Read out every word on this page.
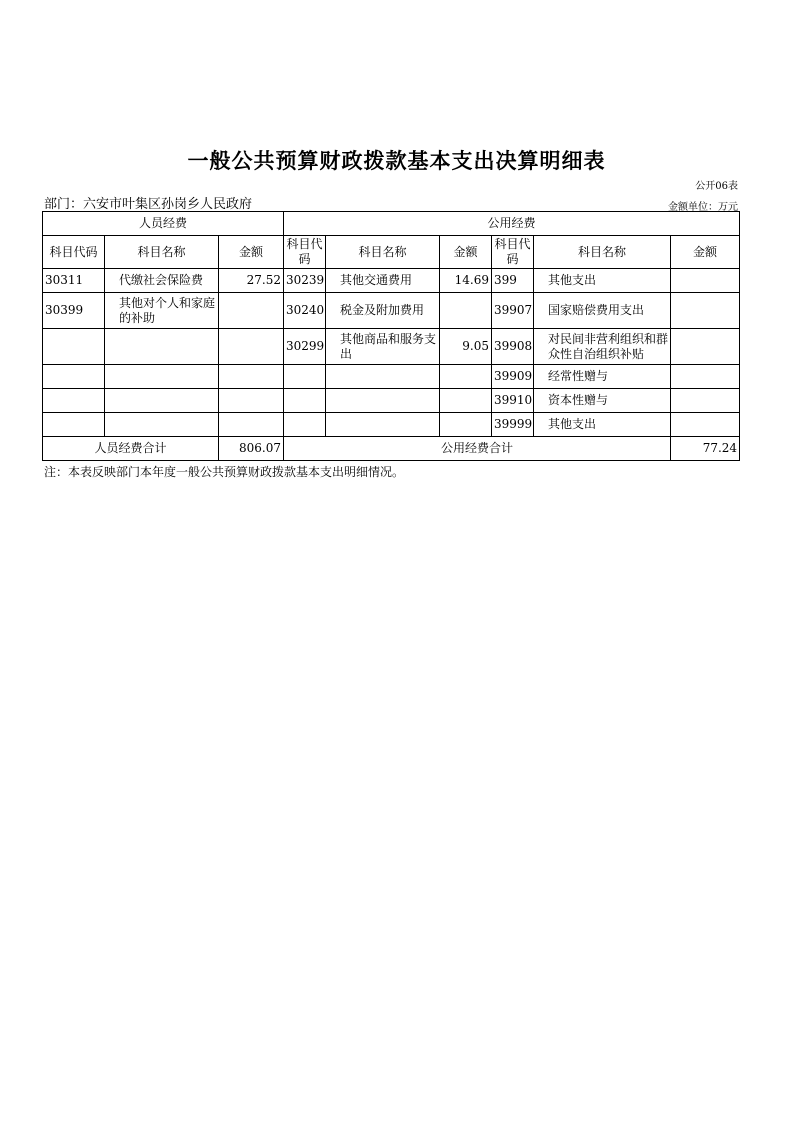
一般公共预算财政拨款基本支出决算明细表
公开06表
部门：六安市叶集区孙岗乡人民政府	金额单位：万元
人员经费			公用经费					
科目代码	科目名称	金额	科目代码	科目名称	金额	科目代码	科目名称	金额
30311	代缴社会保险费	27.52	30239	其他交通费用	14.69	399	其他支出	
30399	其他对个人和家庭的补助		30240	税金及附加费用		39907	国家赔偿费用支出	
			30299	其他商品和服务支出	9.05	39908	对民间非营利组织和群众性自治组织补贴	
						39909	经常性赠与	
						39910	资本性赠与	
						39999	其他支出	
人员经费合计		806.07	公用经费合计					77.24
注：本表反映部门本年度一般公共预算财政拨款基本支出明细情况。
